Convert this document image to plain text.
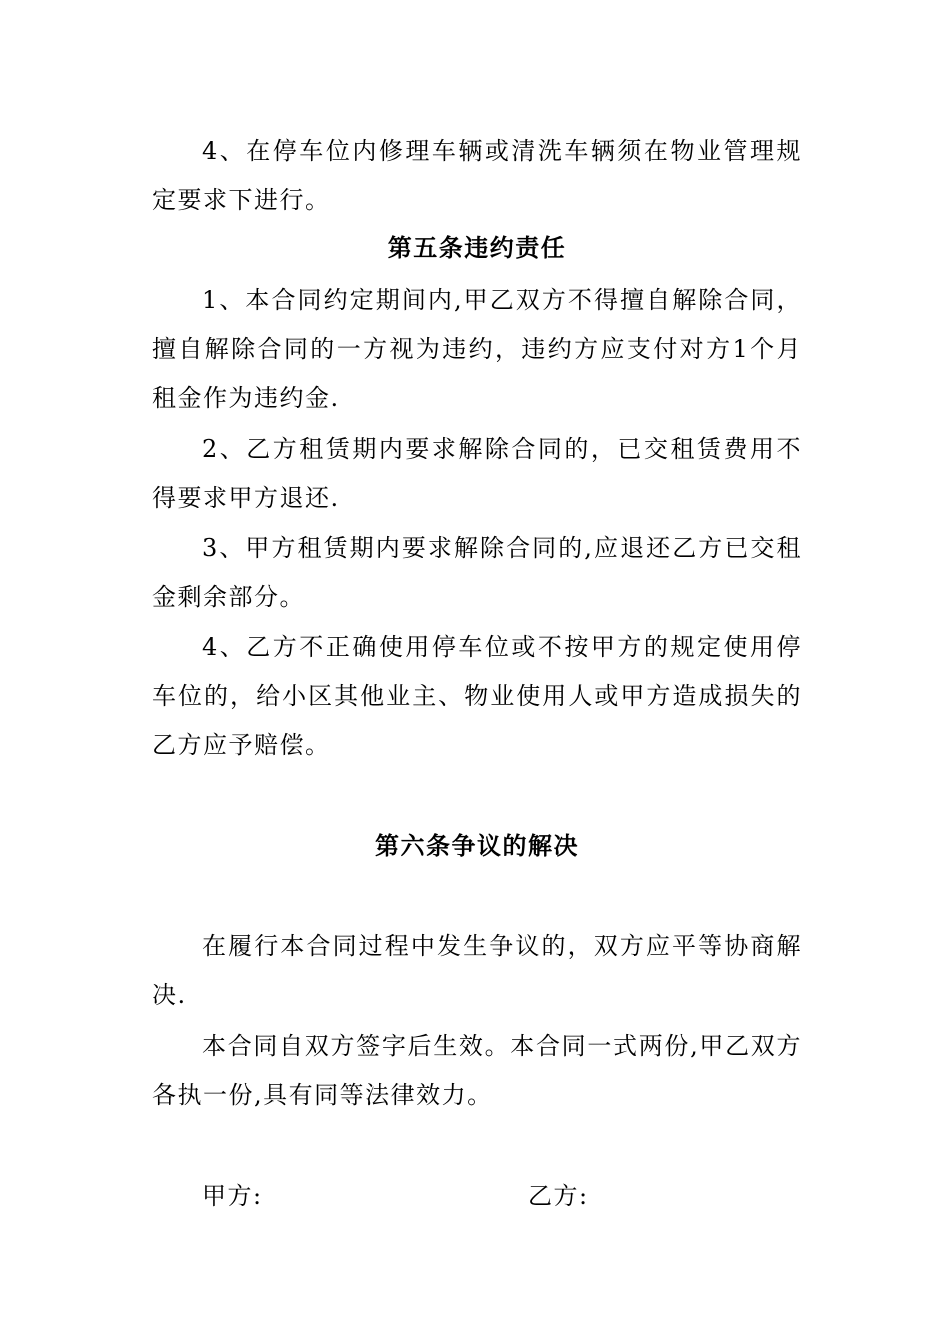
4、在停车位内修理车辆或清洗车辆须在物业管理规定要求下进行。

第五条违约责任

1、本合同约定期间内,甲乙双方不得擅自解除合同，擅自解除合同的一方视为违约，违约方应支付对方1个月租金作为违约金.

2、乙方租赁期内要求解除合同的，已交租赁费用不得要求甲方退还.

3、甲方租赁期内要求解除合同的,应退还乙方已交租金剩余部分。

4、乙方不正确使用停车位或不按甲方的规定使用停车位的，给小区其他业主、物业使用人或甲方造成损失的乙方应予赔偿。

第六条争议的解决

在履行本合同过程中发生争议的，双方应平等协商解决.

本合同自双方签字后生效。本合同一式两份,甲乙双方各执一份,具有同等法律效力。

甲方:	乙方:
